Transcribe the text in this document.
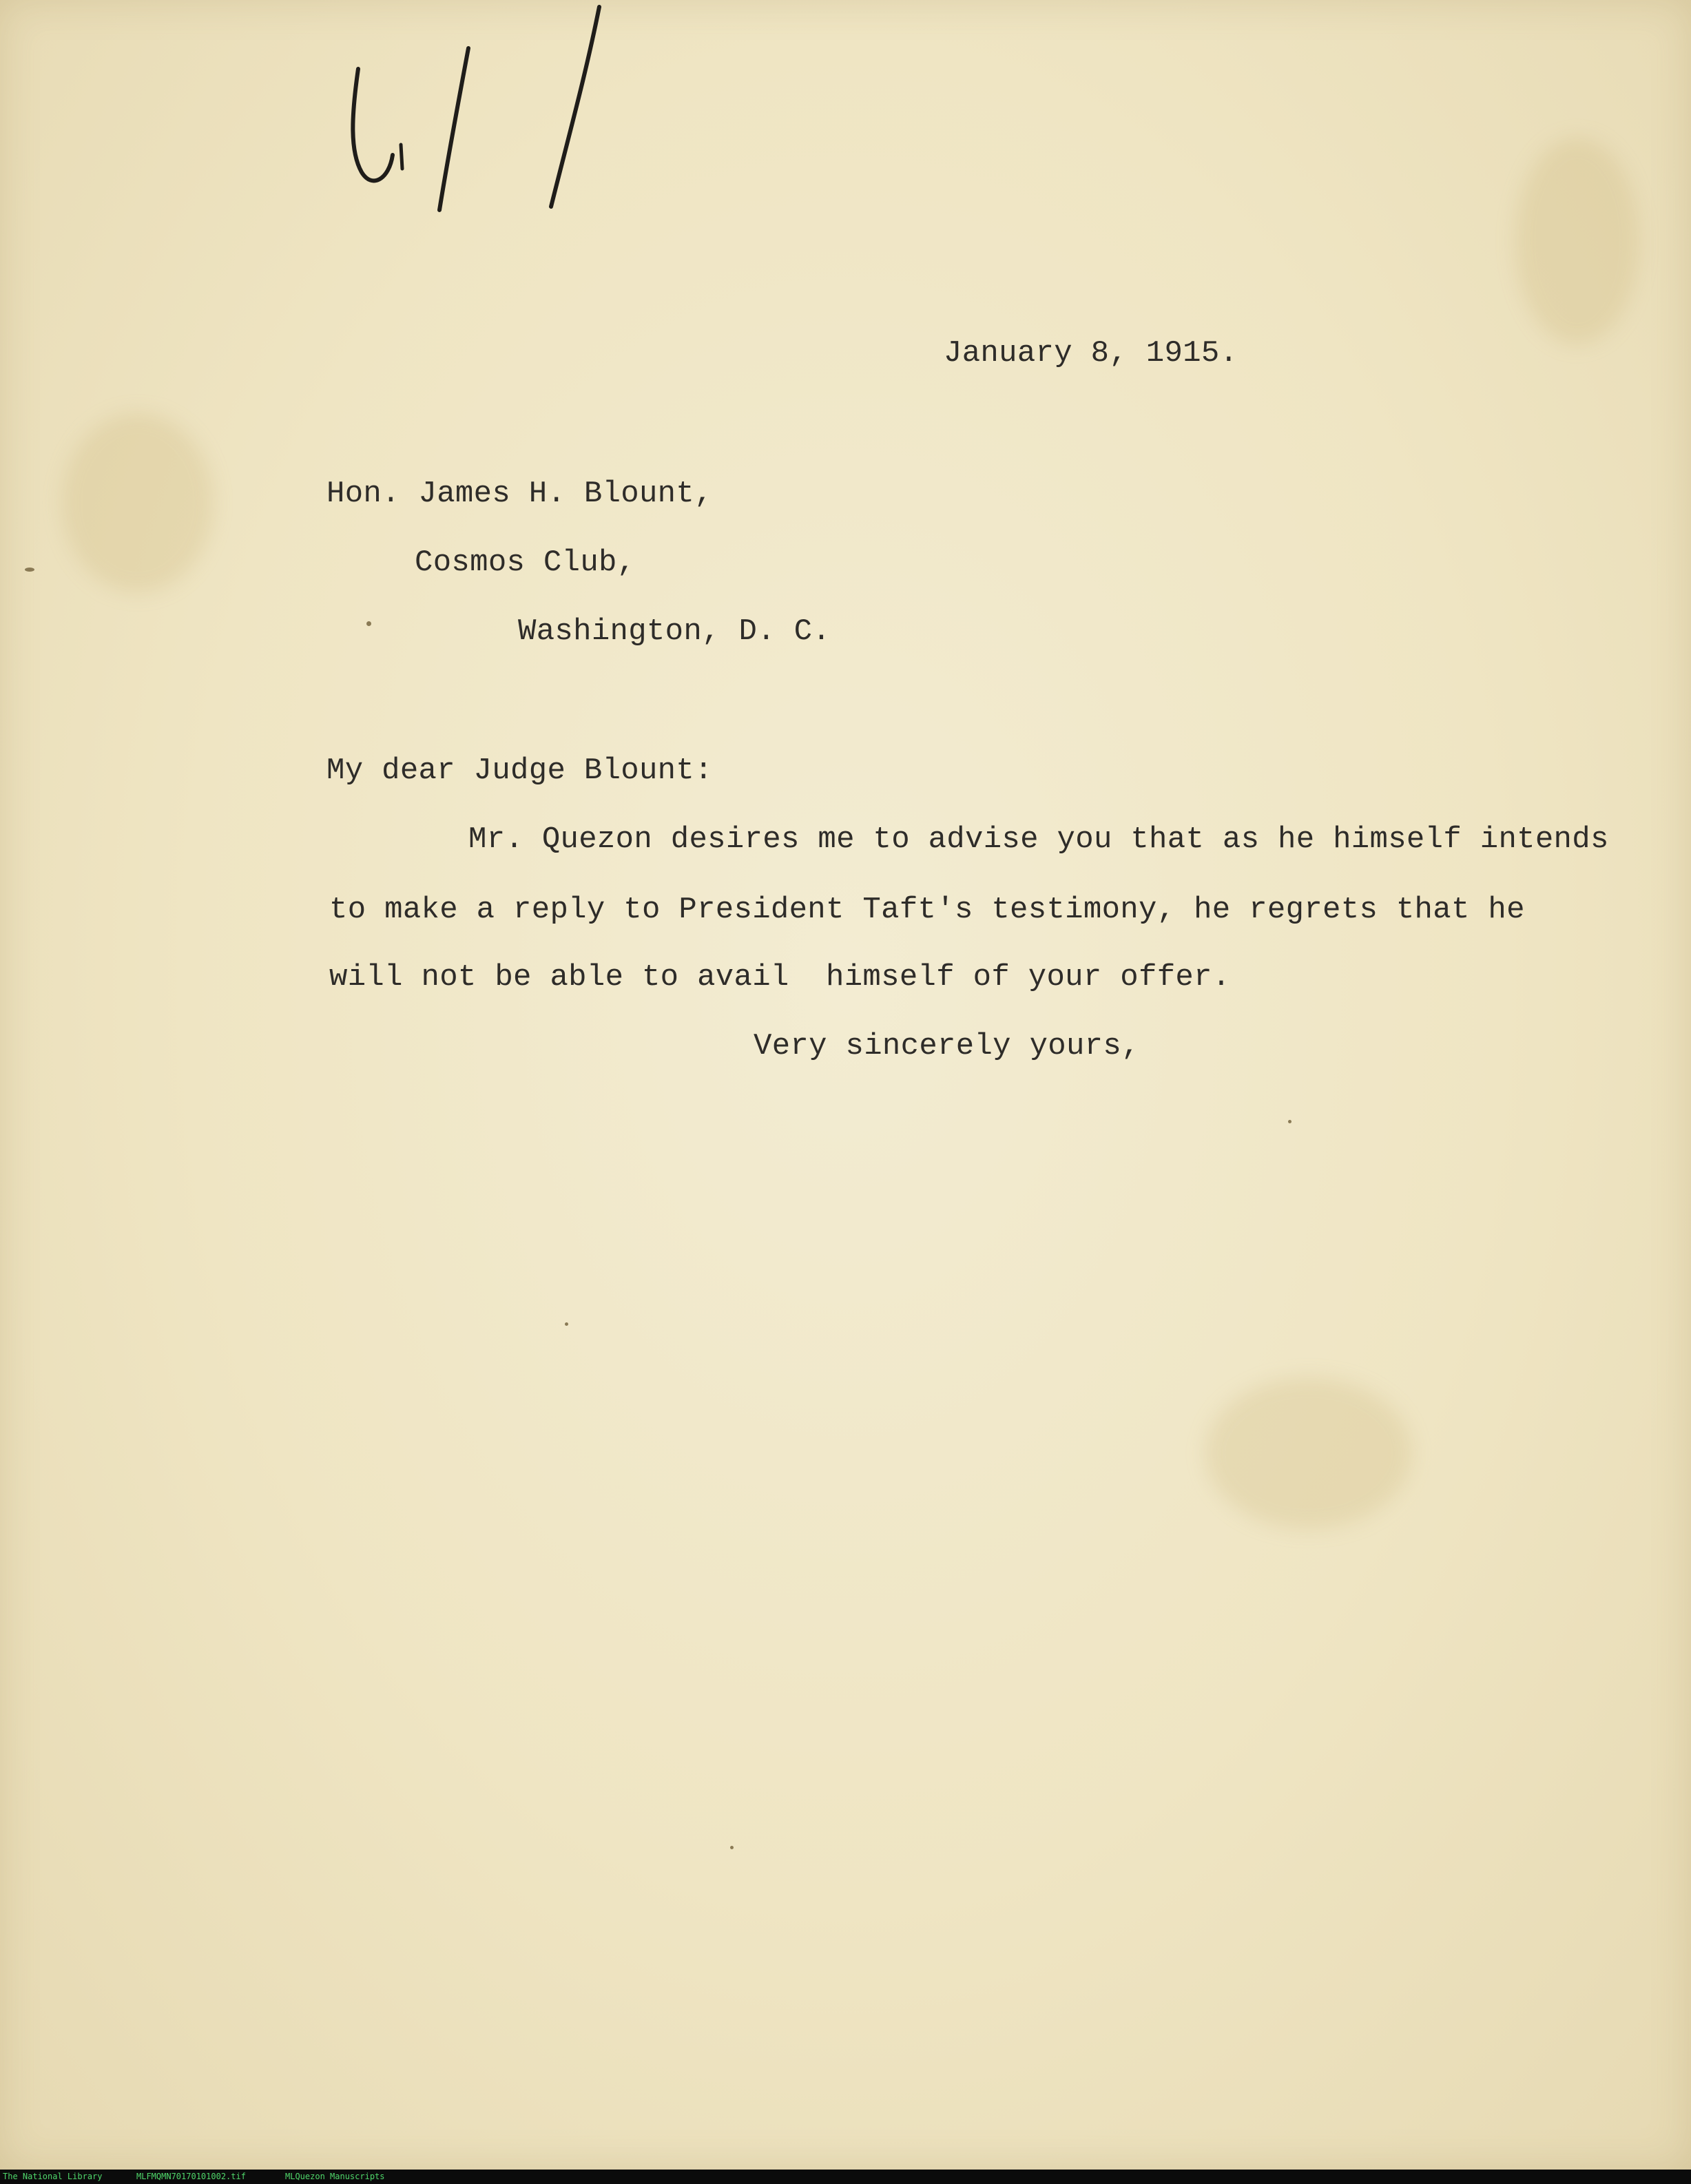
January 8, 1915.
Hon. James H. Blount,
Cosmos Club,
Washington, D. C.
My dear Judge Blount:
Mr. Quezon desires me to advise you that as he himself intends
to make a reply to President Taft's testimony, he regrets that he
will not be able to avail  himself of your offer.
Very sincerely yours,
The National Library	MLFMQMN70170101002.tif	MLQuezon Manuscripts
